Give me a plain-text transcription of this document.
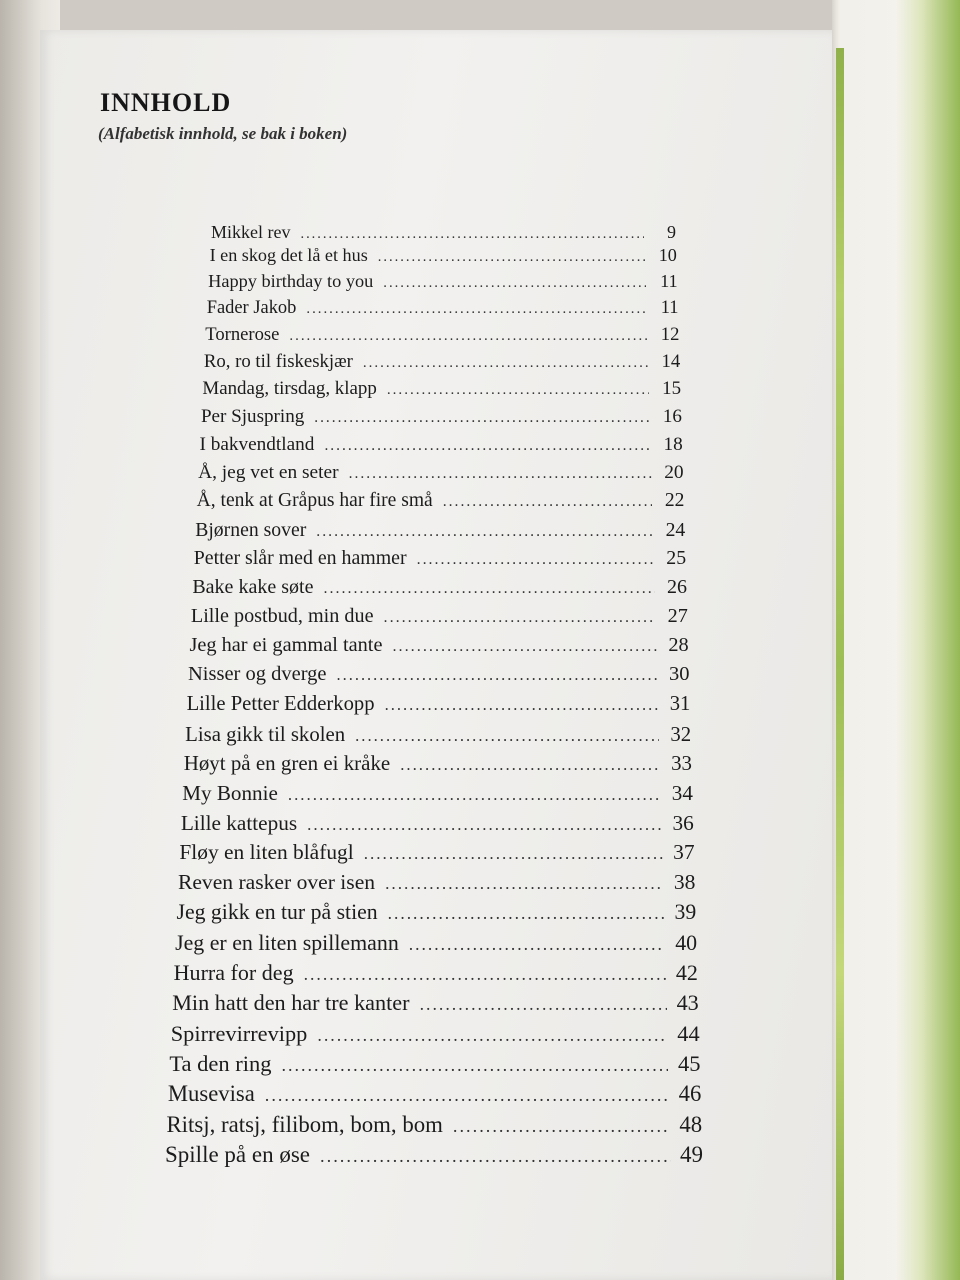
INNHOLD

(Alfabetisk innhold, se bak i boken)

Mikkel rev .....	9
I en skog det lå et hus .....	10
Happy birthday to you .....	11
Fader Jakob .....	11
Tornerose .....	12
Ro, ro til fiskeskjær .....	14
Mandag, tirsdag, klapp .....	15
Per Sjuspring .....	16
I bakvendtland .....	18
Å, jeg vet en seter .....	20
Å, tenk at Gråpus har fire små .....	22
Bjørnen sover .....	24
Petter slår med en hammer .....	25
Bake kake søte .....	26
Lille postbud, min due .....	27
Jeg har ei gammal tante .....	28
Nisser og dverge .....	30
Lille Petter Edderkopp .....	31
Lisa gikk til skolen .....	32
Høyt på en gren ei kråke .....	33
My Bonnie .....	34
Lille kattepus .....	36
Fløy en liten blåfugl .....	37
Reven rasker over isen .....	38
Jeg gikk en tur på stien .....	39
Jeg er en liten spillemann .....	40
Hurra for deg .....	42
Min hatt den har tre kanter .....	43
Spirrevirrevipp .....	44
Ta den ring .....	45
Musevisa .....	46
Ritsj, ratsj, filibom, bom, bom .....	48
Spille på en øse .....	49
